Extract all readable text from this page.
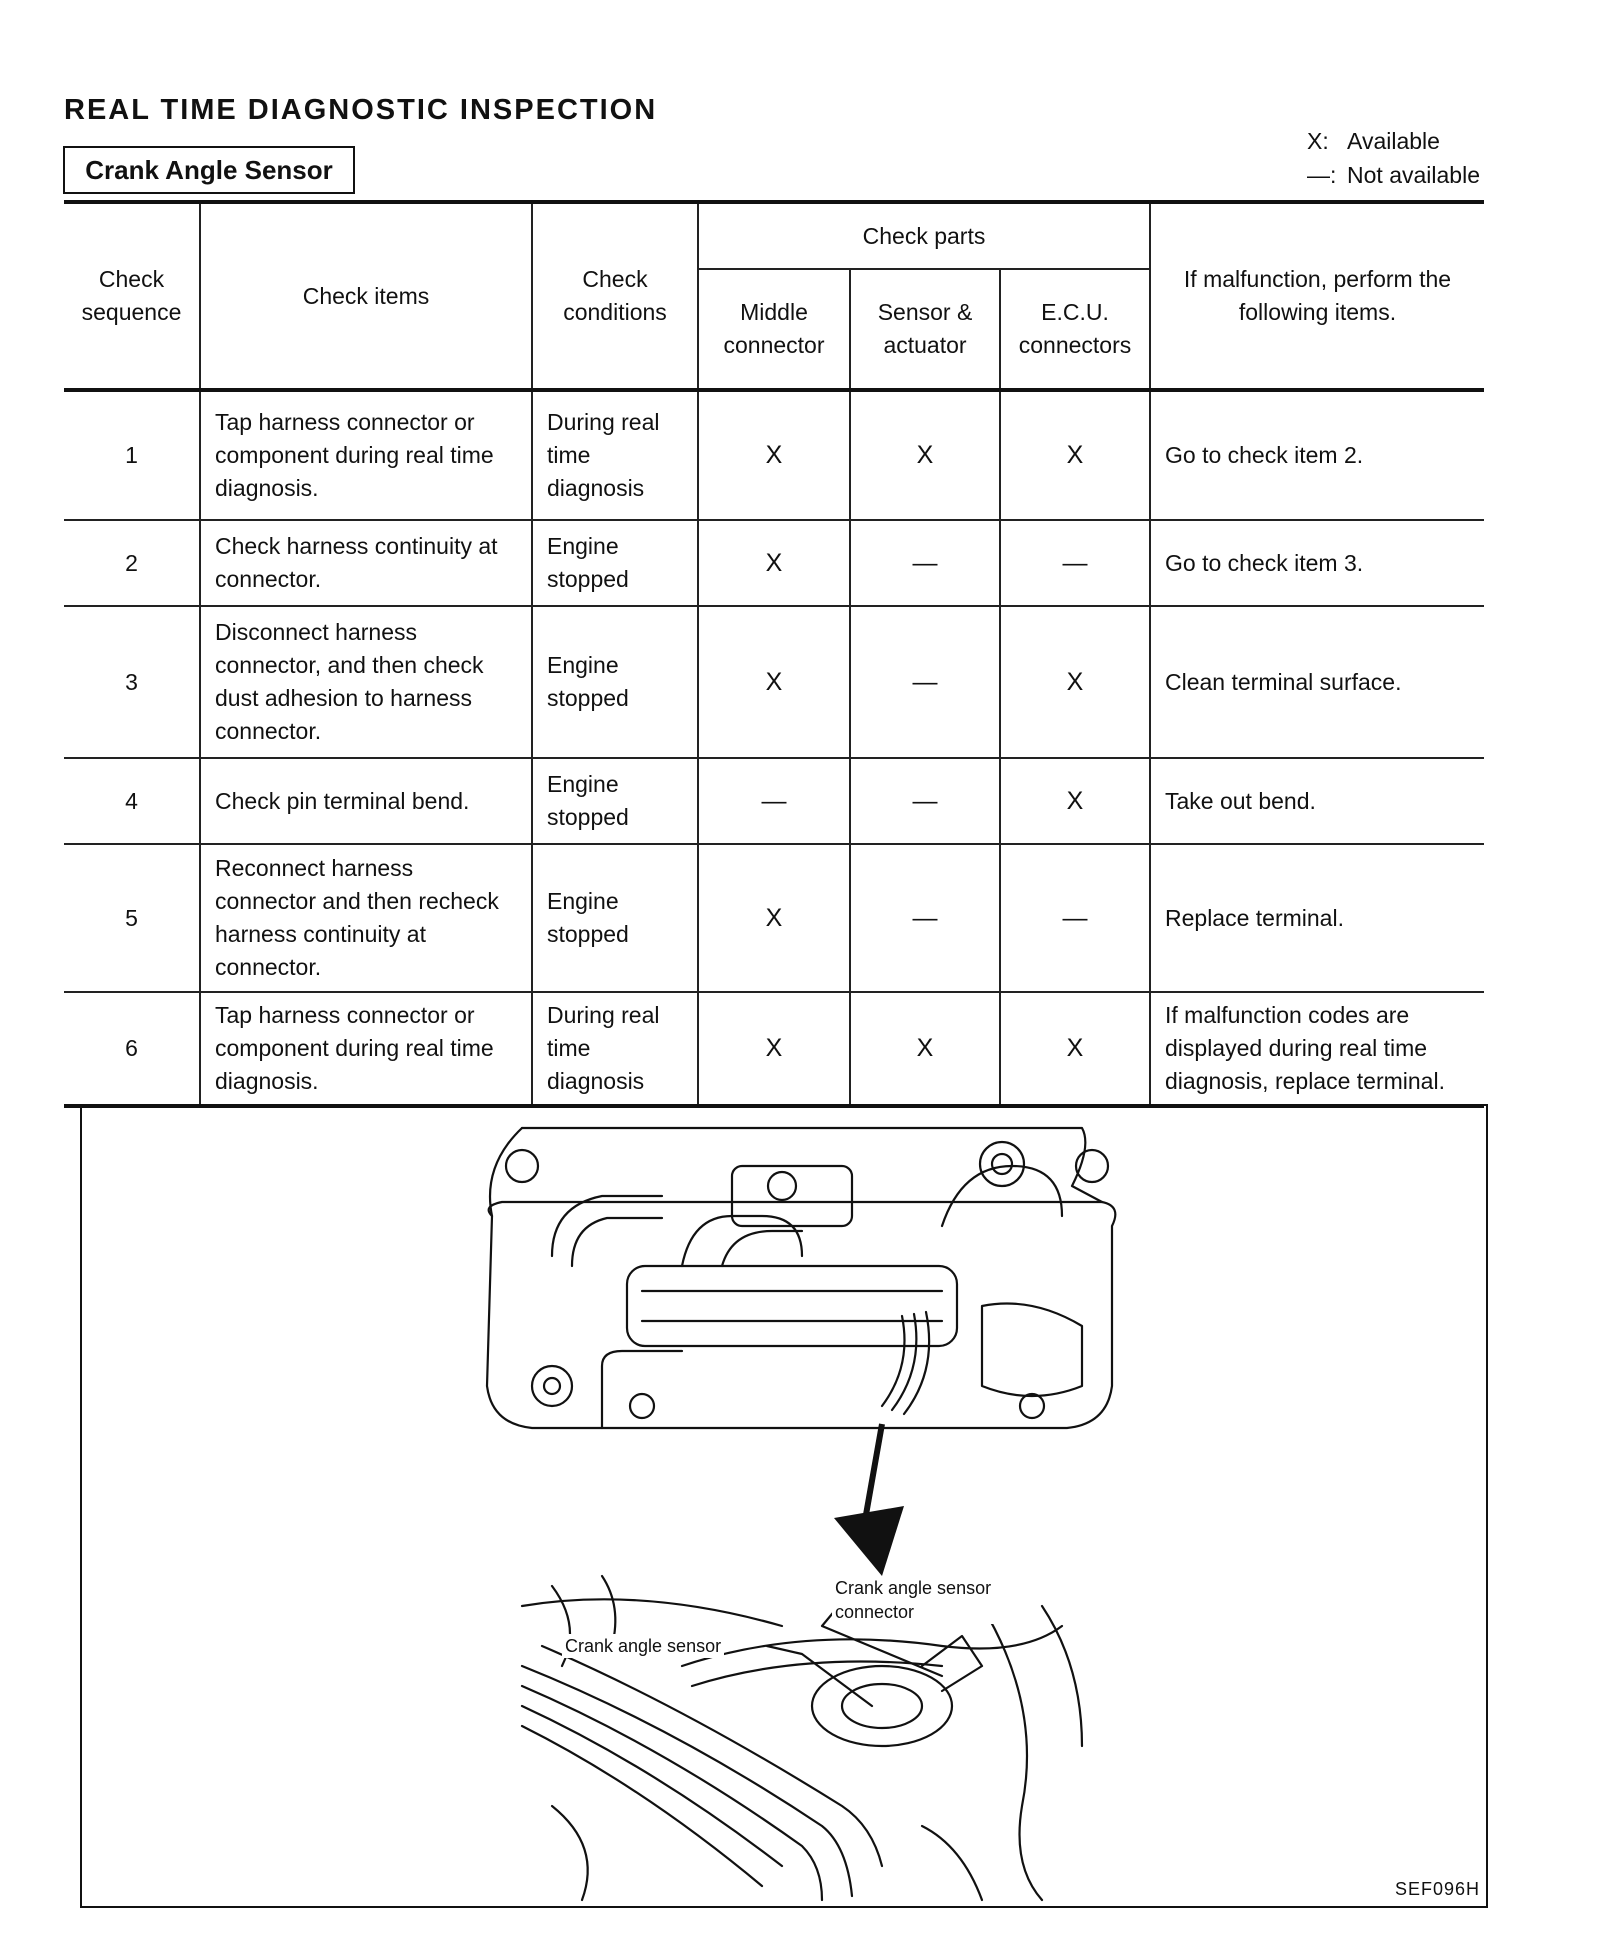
REAL TIME DIAGNOSTIC INSPECTION
Crank Angle Sensor
X: Available
—: Not available
Check sequence	Check items	Check conditions	Check parts			If malfunction, perform the following items.
			Middle connector	Sensor & actuator	E.C.U. connectors	
1	Tap harness connector or component during real time diagnosis.	During real time diagnosis	X	X	X	Go to check item 2.
2	Check harness continuity at connector.	Engine stopped	X	—	—	Go to check item 3.
3	Disconnect harness connector, and then check dust adhesion to harness connector.	Engine stopped	X	—	X	Clean terminal surface.
4	Check pin terminal bend.	Engine stopped	—	—	X	Take out bend.
5	Reconnect harness connector and then recheck harness continuity at connector.	Engine stopped	X	—	—	Replace terminal.
6	Tap harness connector or component during real time diagnosis.	During real time diagnosis	X	X	X	If malfunction codes are displayed during real time diagnosis, replace terminal.
Crank angle sensor connector
Crank angle sensor
SEF096H
